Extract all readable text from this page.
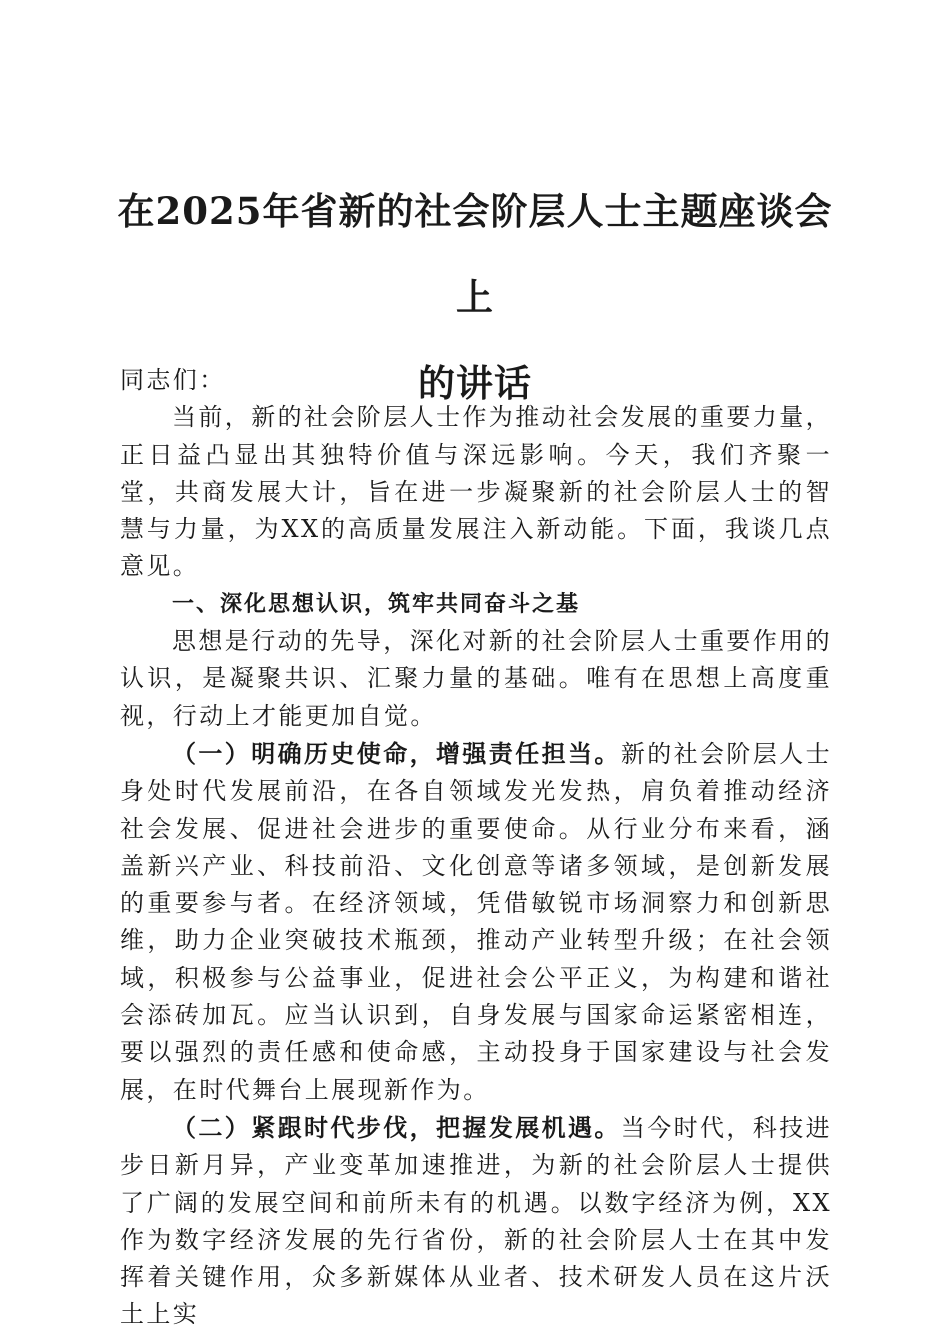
在2025年省新的社会阶层人士主题座谈会上
的讲话

同志们：

当前，新的社会阶层人士作为推动社会发展的重要力量，正日益凸显出其独特价值与深远影响。今天，我们齐聚一堂，共商发展大计，旨在进一步凝聚新的社会阶层人士的智慧与力量，为XX的高质量发展注入新动能。下面，我谈几点意见。

一、深化思想认识，筑牢共同奋斗之基

思想是行动的先导，深化对新的社会阶层人士重要作用的认识，是凝聚共识、汇聚力量的基础。唯有在思想上高度重视，行动上才能更加自觉。

（一）明确历史使命，增强责任担当。新的社会阶层人士身处时代发展前沿，在各自领域发光发热，肩负着推动经济社会发展、促进社会进步的重要使命。从行业分布来看，涵盖新兴产业、科技前沿、文化创意等诸多领域，是创新发展的重要参与者。在经济领域，凭借敏锐市场洞察力和创新思维，助力企业突破技术瓶颈，推动产业转型升级；在社会领域，积极参与公益事业，促进社会公平正义，为构建和谐社会添砖加瓦。应当认识到，自身发展与国家命运紧密相连，要以强烈的责任感和使命感，主动投身于国家建设与社会发展，在时代舞台上展现新作为。

（二）紧跟时代步伐，把握发展机遇。当今时代，科技进步日新月异，产业变革加速推进，为新的社会阶层人士提供了广阔的发展空间和前所未有的机遇。以数字经济为例，XX作为数字经济发展的先行省份，新的社会阶层人士在其中发挥着关键作用，众多新媒体从业者、技术研发人员在这片沃土上实
